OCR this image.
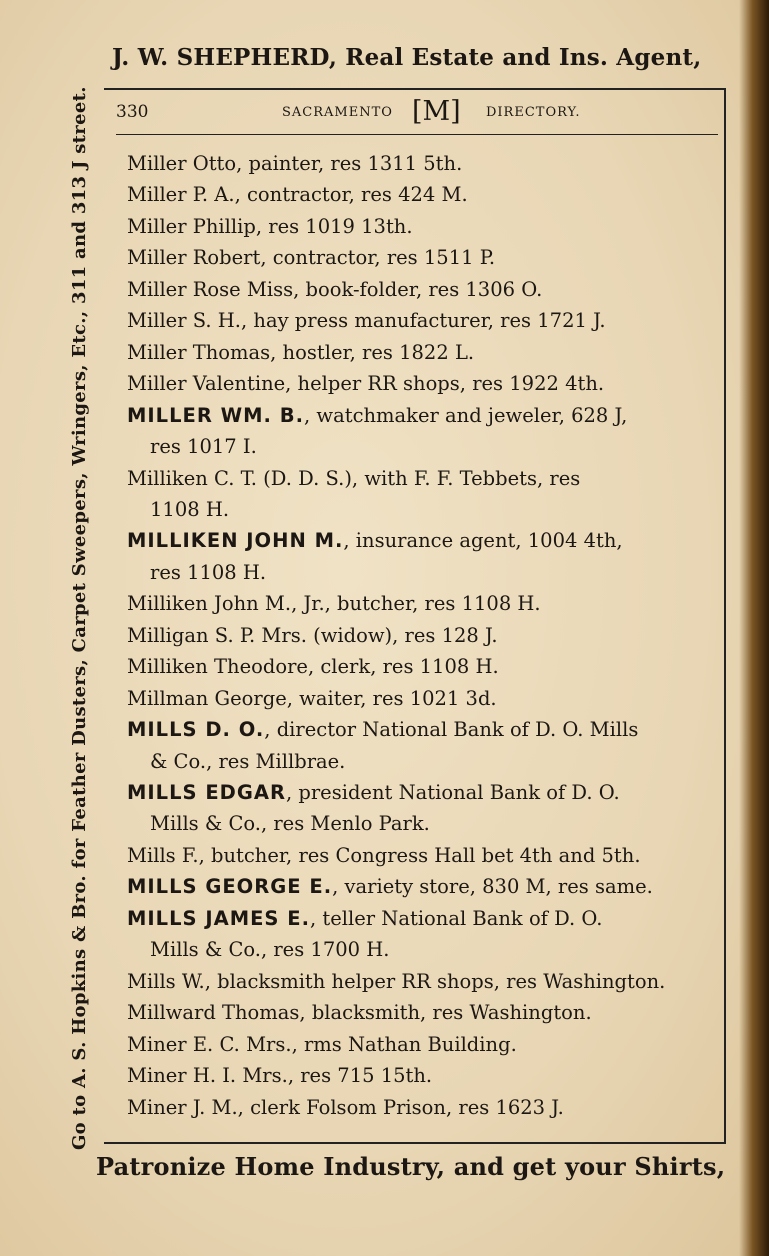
J. W. SHEPHERD, Real Estate and Ins. Agent,
330	SACRAMENTO [M] DIRECTORY.
Miller Otto, painter, res 1311 5th.
Miller P. A., contractor, res 424 M.
Miller Phillip, res 1019 13th.
Miller Robert, contractor, res 1511 P.
Miller Rose Miss, book-folder, res 1306 O.
Miller S. H., hay press manufacturer, res 1721 J.
Miller Thomas, hostler, res 1822 L.
Miller Valentine, helper RR shops, res 1922 4th.
MILLER WM. B., watchmaker and jeweler, 628 J,
res 1017 I.
Milliken C. T. (D. D. S.), with F. F. Tebbets, res
1108 H.
MILLIKEN JOHN M., insurance agent, 1004 4th,
res 1108 H.
Milliken John M., Jr., butcher, res 1108 H.
Milligan S. P. Mrs. (widow), res 128 J.
Milliken Theodore, clerk, res 1108 H.
Millman George, waiter, res 1021 3d.
MILLS D. O., director National Bank of D. O. Mills
& Co., res Millbrae.
MILLS EDGAR, president National Bank of D. O.
Mills & Co., res Menlo Park.
Mills F., butcher, res Congress Hall bet 4th and 5th.
MILLS GEORGE E., variety store, 830 M, res same.
MILLS JAMES E., teller National Bank of D. O.
Mills & Co., res 1700 H.
Mills W., blacksmith helper RR shops, res Washington.
Millward Thomas, blacksmith, res Washington.
Miner E. C. Mrs., rms Nathan Building.
Miner H. I. Mrs., res 715 15th.
Miner J. M., clerk Folsom Prison, res 1623 J.
Go to A. S. Hopkins & Bro. for Feather Dusters, Carpet Sweepers, Wringers, Etc., 311 and 313 J street.
Patronize Home Industry, and get your Shirts,
